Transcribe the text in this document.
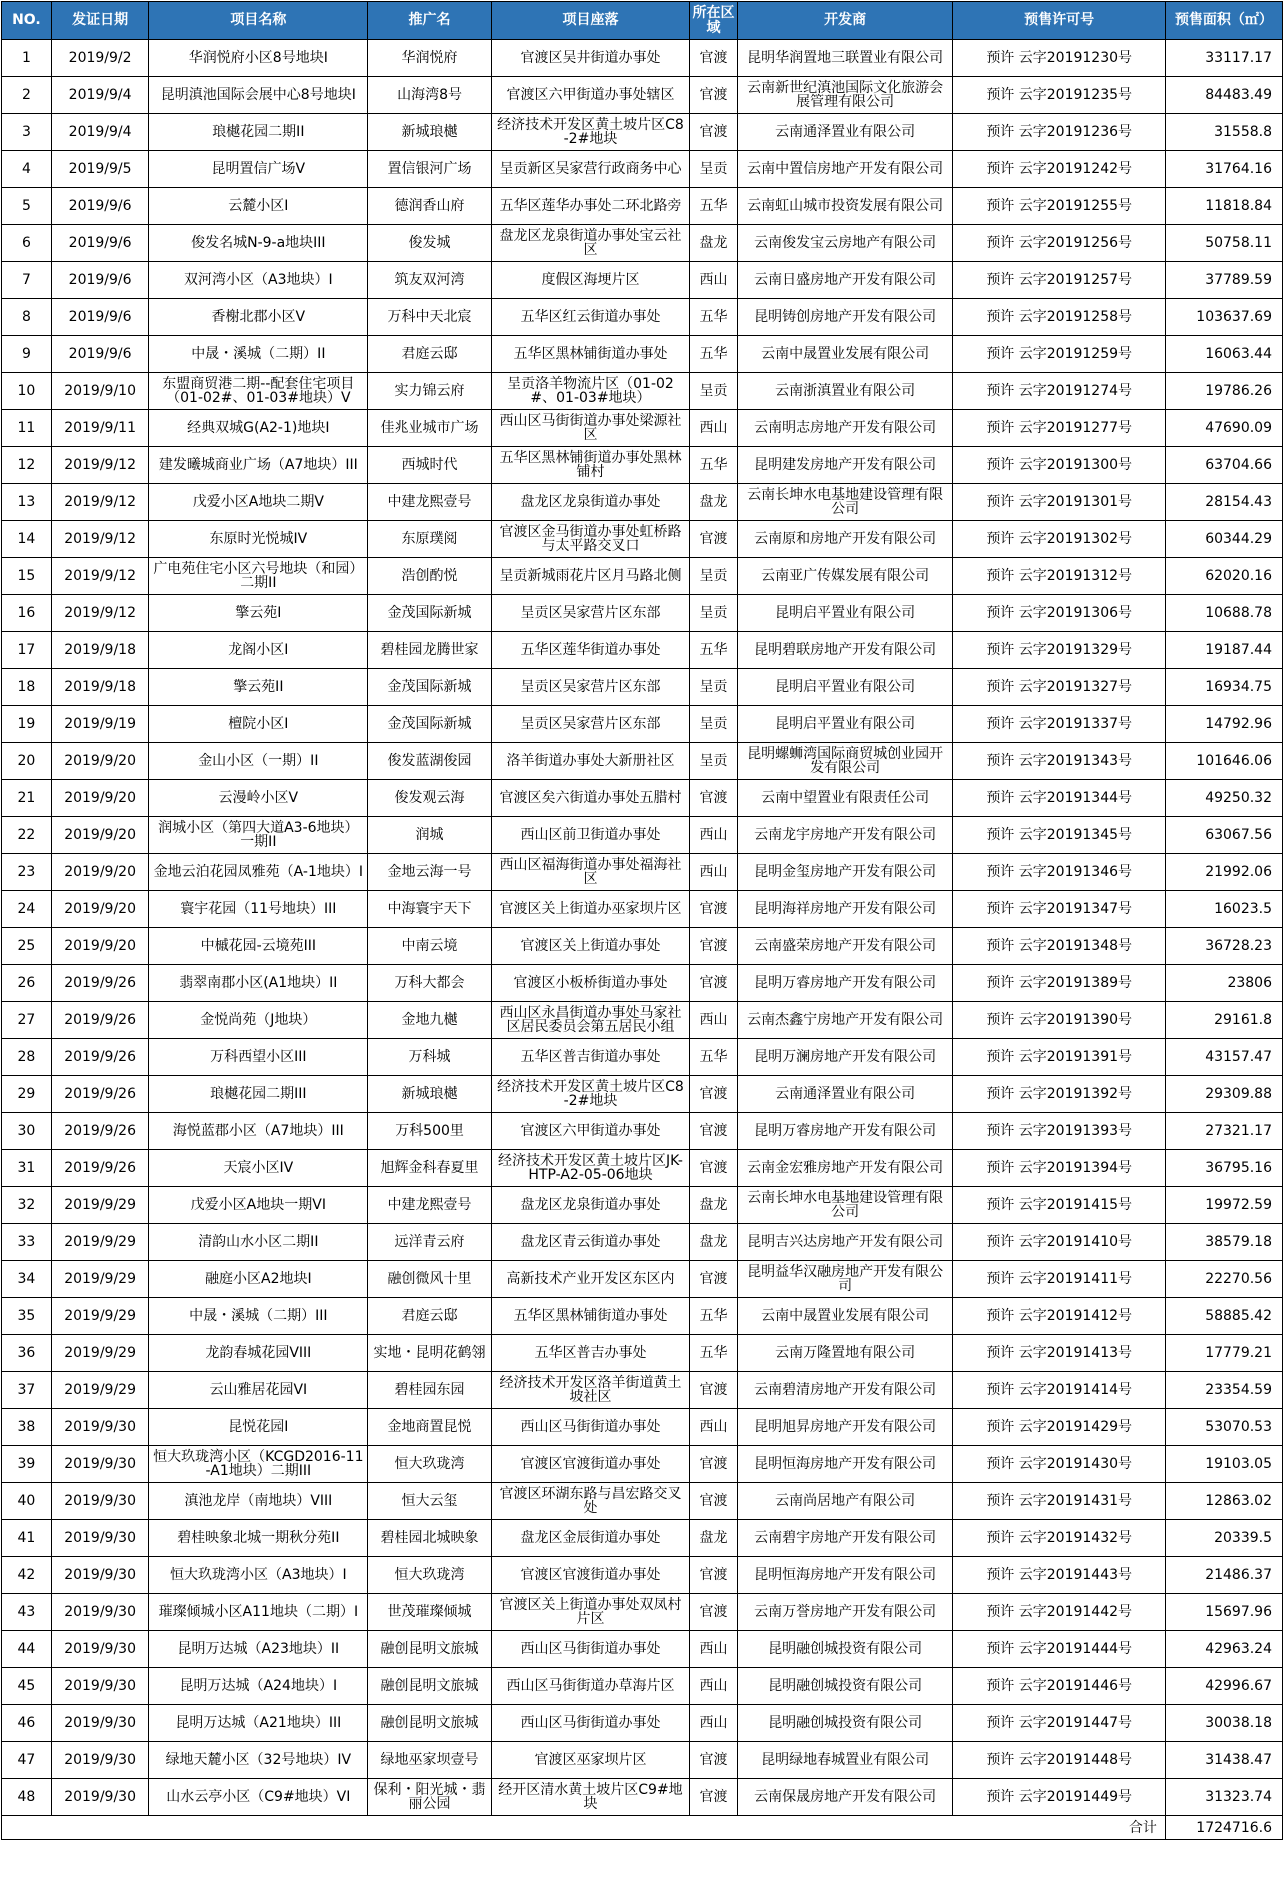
NO.	发证日期	项目名称	推广名	项目座落	所在区域	开发商	预售许可号	预售面积（㎡）
1	2019/9/2	华润悦府小区8号地块I	华润悦府	官渡区吴井街道办事处	官渡	昆明华润置地三联置业有限公司	预许 云字20191230号	33117.17
2	2019/9/4	昆明滇池国际会展中心8号地块I	山海湾8号	官渡区六甲街道办事处辖区	官渡	云南新世纪滇池国际文化旅游会展管理有限公司	预许 云字20191235号	84483.49
3	2019/9/4	琅樾花园二期II	新城琅樾	经济技术开发区黄土坡片区C8-2#地块	官渡	云南通泽置业有限公司	预许 云字20191236号	31558.8
4	2019/9/5	昆明置信广场V	置信银河广场	呈贡新区吴家营行政商务中心	呈贡	云南中置信房地产开发有限公司	预许 云字20191242号	31764.16
5	2019/9/6	云麓小区I	德润香山府	五华区莲华办事处二环北路旁	五华	云南虹山城市投资发展有限公司	预许 云字20191255号	11818.84
6	2019/9/6	俊发名城N-9-a地块III	俊发城	盘龙区龙泉街道办事处宝云社区	盘龙	云南俊发宝云房地产有限公司	预许 云字20191256号	50758.11
7	2019/9/6	双河湾小区（A3地块）I	筑友双河湾	度假区海埂片区	西山	云南日盛房地产开发有限公司	预许 云字20191257号	37789.59
8	2019/9/6	香榭北郡小区V	万科中天北宸	五华区红云街道办事处	五华	昆明铸创房地产开发有限公司	预许 云字20191258号	103637.69
9	2019/9/6	中晟・溪城（二期）II	君庭云邸	五华区黑林铺街道办事处	五华	云南中晟置业发展有限公司	预许 云字20191259号	16063.44
10	2019/9/10	东盟商贸港二期--配套住宅项目（01-02#、01-03#地块）V	实力锦云府	呈贡洛羊物流片区（01-02#、01-03#地块）	呈贡	云南浙滇置业有限公司	预许 云字20191274号	19786.26
11	2019/9/11	经典双城G(A2-1)地块I	佳兆业城市广场	西山区马街街道办事处梁源社区	西山	云南明志房地产开发有限公司	预许 云字20191277号	47690.09
12	2019/9/12	建发曦城商业广场（A7地块）III	西城时代	五华区黑林铺街道办事处黑林铺村	五华	昆明建发房地产开发有限公司	预许 云字20191300号	63704.66
13	2019/9/12	戊爱小区A地块二期V	中建龙熙壹号	盘龙区龙泉街道办事处	盘龙	云南长坤水电基地建设管理有限公司	预许 云字20191301号	28154.43
14	2019/9/12	东原时光悦城IV	东原璞阅	官渡区金马街道办事处虹桥路与太平路交叉口	官渡	云南原和房地产开发有限公司	预许 云字20191302号	60344.29
15	2019/9/12	广电苑住宅小区六号地块（和园）二期II	浩创酌悦	呈贡新城雨花片区月马路北侧	呈贡	云南亚广传媒发展有限公司	预许 云字20191312号	62020.16
16	2019/9/12	擎云苑I	金茂国际新城	呈贡区吴家营片区东部	呈贡	昆明启平置业有限公司	预许 云字20191306号	10688.78
17	2019/9/18	龙阁小区I	碧桂园龙腾世家	五华区莲华街道办事处	五华	昆明碧联房地产开发有限公司	预许 云字20191329号	19187.44
18	2019/9/18	擎云苑II	金茂国际新城	呈贡区吴家营片区东部	呈贡	昆明启平置业有限公司	预许 云字20191327号	16934.75
19	2019/9/19	檀院小区I	金茂国际新城	呈贡区吴家营片区东部	呈贡	昆明启平置业有限公司	预许 云字20191337号	14792.96
20	2019/9/20	金山小区（一期）II	俊发蓝湖俊园	洛羊街道办事处大新册社区	呈贡	昆明螺蛳湾国际商贸城创业园开发有限公司	预许 云字20191343号	101646.06
21	2019/9/20	云漫岭小区V	俊发观云海	官渡区矣六街道办事处五腊村	官渡	云南中望置业有限责任公司	预许 云字20191344号	49250.32
22	2019/9/20	润城小区（第四大道A3-6地块）一期II	润城	西山区前卫街道办事处	西山	云南龙宇房地产开发有限公司	预许 云字20191345号	63067.56
23	2019/9/20	金地云泊花园凤雅苑（A-1地块）I	金地云海一号	西山区福海街道办事处福海社区	西山	昆明金玺房地产开发有限公司	预许 云字20191346号	21992.06
24	2019/9/20	寰宇花园（11号地块）III	中海寰宇天下	官渡区关上街道办巫家坝片区	官渡	昆明海祥房地产开发有限公司	预许 云字20191347号	16023.5
25	2019/9/20	中槭花园-云境苑III	中南云境	官渡区关上街道办事处	官渡	云南盛荣房地产开发有限公司	预许 云字20191348号	36728.23
26	2019/9/26	翡翠南郡小区(A1地块）II	万科大都会	官渡区小板桥街道办事处	官渡	昆明万睿房地产开发有限公司	预许 云字20191389号	23806
27	2019/9/26	金悦尚苑（J地块）	金地九樾	西山区永昌街道办事处马家社区居民委员会第五居民小组	西山	云南杰鑫宁房地产开发有限公司	预许 云字20191390号	29161.8
28	2019/9/26	万科西望小区III	万科城	五华区普吉街道办事处	五华	昆明万澜房地产开发有限公司	预许 云字20191391号	43157.47
29	2019/9/26	琅樾花园二期III	新城琅樾	经济技术开发区黄土坡片区C8-2#地块	官渡	云南通泽置业有限公司	预许 云字20191392号	29309.88
30	2019/9/26	海悦蓝郡小区（A7地块）III	万科500里	官渡区六甲街道办事处	官渡	昆明万睿房地产开发有限公司	预许 云字20191393号	27321.17
31	2019/9/26	天宸小区IV	旭辉金科春夏里	经济技术开发区黄土坡片区JK-HTP-A2-05-06地块	官渡	云南金宏雅房地产开发有限公司	预许 云字20191394号	36795.16
32	2019/9/29	戊爱小区A地块一期VI	中建龙熙壹号	盘龙区龙泉街道办事处	盘龙	云南长坤水电基地建设管理有限公司	预许 云字20191415号	19972.59
33	2019/9/29	清韵山水小区二期II	远洋青云府	盘龙区青云街道办事处	盘龙	昆明吉兴达房地产开发有限公司	预许 云字20191410号	38579.18
34	2019/9/29	融庭小区A2地块I	融创微风十里	高新技术产业开发区东区内	官渡	昆明益华汉融房地产开发有限公司	预许 云字20191411号	22270.56
35	2019/9/29	中晟・溪城（二期）III	君庭云邸	五华区黑林铺街道办事处	五华	云南中晟置业发展有限公司	预许 云字20191412号	58885.42
36	2019/9/29	龙韵春城花园VIII	实地・昆明花鹤翎	五华区普吉办事处	五华	云南万隆置地有限公司	预许 云字20191413号	17779.21
37	2019/9/29	云山雅居花园VI	碧桂园东园	经济技术开发区洛羊街道黄土坡社区	官渡	云南碧清房地产开发有限公司	预许 云字20191414号	23354.59
38	2019/9/30	昆悦花园I	金地商置昆悦	西山区马街街道办事处	西山	昆明旭昇房地产开发有限公司	预许 云字20191429号	53070.53
39	2019/9/30	恒大玖珑湾小区（KCGD2016-11-A1地块）二期III	恒大玖珑湾	官渡区官渡街道办事处	官渡	昆明恒海房地产开发有限公司	预许 云字20191430号	19103.05
40	2019/9/30	滇池龙岸（南地块）VIII	恒大云玺	官渡区环湖东路与昌宏路交叉处	官渡	云南尚居地产有限公司	预许 云字20191431号	12863.02
41	2019/9/30	碧桂映象北城一期秋分苑II	碧桂园北城映象	盘龙区金辰街道办事处	盘龙	云南碧宇房地产开发有限公司	预许 云字20191432号	20339.5
42	2019/9/30	恒大玖珑湾小区（A3地块）I	恒大玖珑湾	官渡区官渡街道办事处	官渡	昆明恒海房地产开发有限公司	预许 云字20191443号	21486.37
43	2019/9/30	璀璨倾城小区A11地块（二期）I	世茂璀璨倾城	官渡区关上街道办事处双凤村片区	官渡	云南万誉房地产开发有限公司	预许 云字20191442号	15697.96
44	2019/9/30	昆明万达城（A23地块）II	融创昆明文旅城	西山区马街街道办事处	西山	昆明融创城投资有限公司	预许 云字20191444号	42963.24
45	2019/9/30	昆明万达城（A24地块）I	融创昆明文旅城	西山区马街街道办草海片区	西山	昆明融创城投资有限公司	预许 云字20191446号	42996.67
46	2019/9/30	昆明万达城（A21地块）III	融创昆明文旅城	西山区马街街道办事处	西山	昆明融创城投资有限公司	预许 云字20191447号	30038.18
47	2019/9/30	绿地天麓小区（32号地块）IV	绿地巫家坝壹号	官渡区巫家坝片区	官渡	昆明绿地春城置业有限公司	预许 云字20191448号	31438.47
48	2019/9/30	山水云亭小区（C9#地块）VI	保利・阳光城・翡丽公园	经开区清水黄土坡片区C9#地块	官渡	云南保晟房地产开发有限公司	预许 云字20191449号	31323.74
合计								1724716.6
